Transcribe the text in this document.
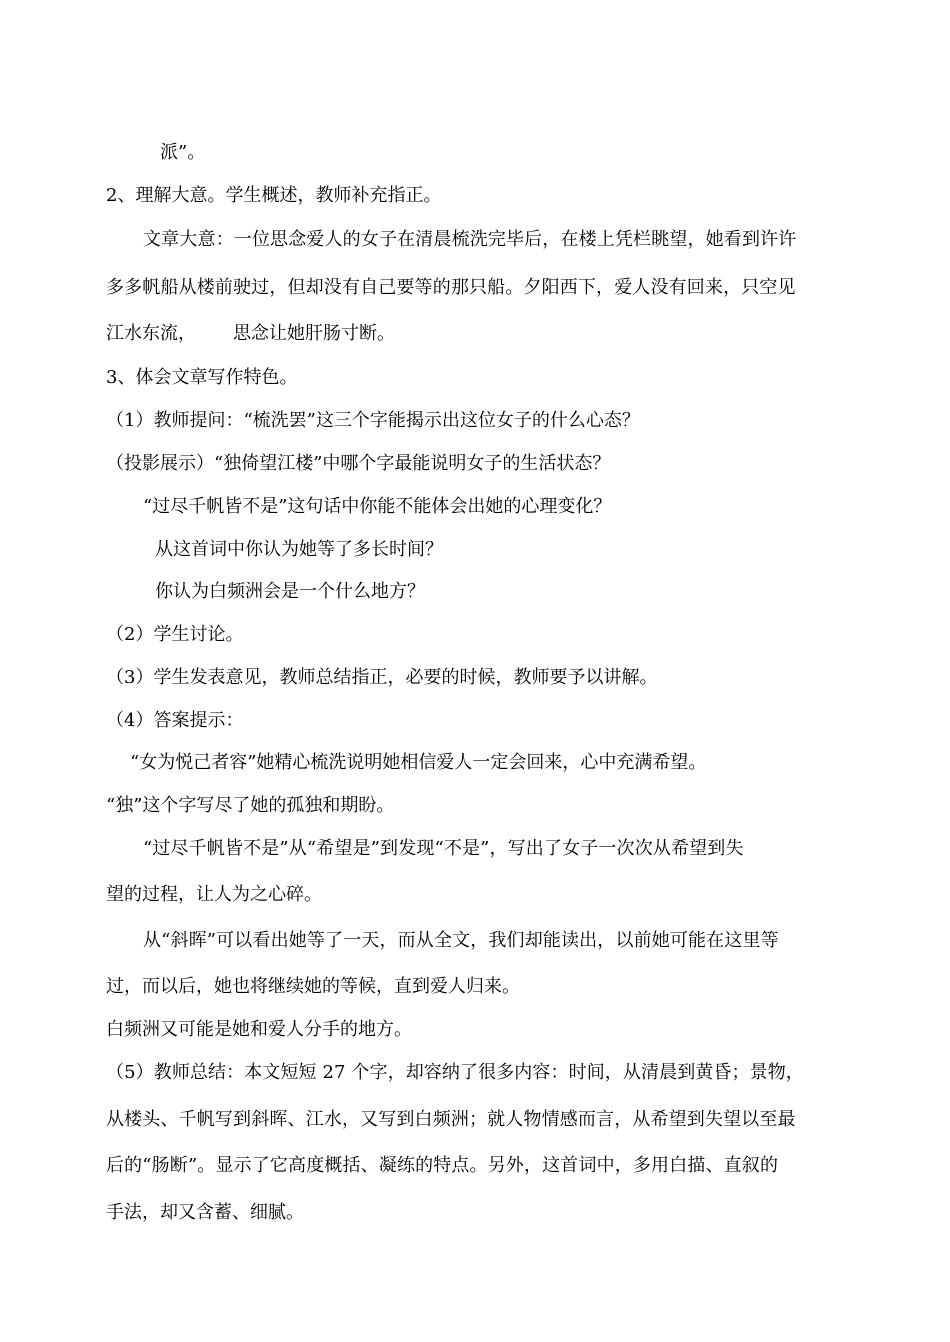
派”。
2、理解大意。学生概述，教师补充指正。
文章大意：一位思念爱人的女子在清晨梳洗完毕后，在楼上凭栏眺望，她看到许许
多多帆船从楼前驶过，但却没有自己要等的那只船。夕阳西下，爱人没有回来，只空见
江水东流， 思念让她肝肠寸断。
3、体会文章写作特色。
（1）教师提问：“梳洗罢”这三个字能揭示出这位女子的什么心态？
（投影展示）“独倚望江楼”中哪个字最能说明女子的生活状态？
“过尽千帆皆不是”这句话中你能不能体会出她的心理变化？
从这首词中你认为她等了多长时间？
你认为白频洲会是一个什么地方？
（2）学生讨论。
（3）学生发表意见，教师总结指正，必要的时候，教师要予以讲解。
（4）答案提示：
“女为悦己者容”她精心梳洗说明她相信爱人一定会回来，心中充满希望。
“独”这个字写尽了她的孤独和期盼。
“过尽千帆皆不是”从“希望是”到发现“不是”，写出了女子一次次从希望到失
望的过程，让人为之心碎。
从“斜晖”可以看出她等了一天，而从全文，我们却能读出，以前她可能在这里等
过，而以后，她也将继续她的等候，直到爱人归来。
白频洲又可能是她和爱人分手的地方。
（5）教师总结：本文短短 27 个字，却容纳了很多内容：时间，从清晨到黄昏；景物，
从楼头、千帆写到斜晖、江水，又写到白频洲；就人物情感而言，从希望到失望以至最
后的“肠断”。显示了它高度概括、凝练的特点。另外，这首词中，多用白描、直叙的
手法，却又含蓄、细腻。
